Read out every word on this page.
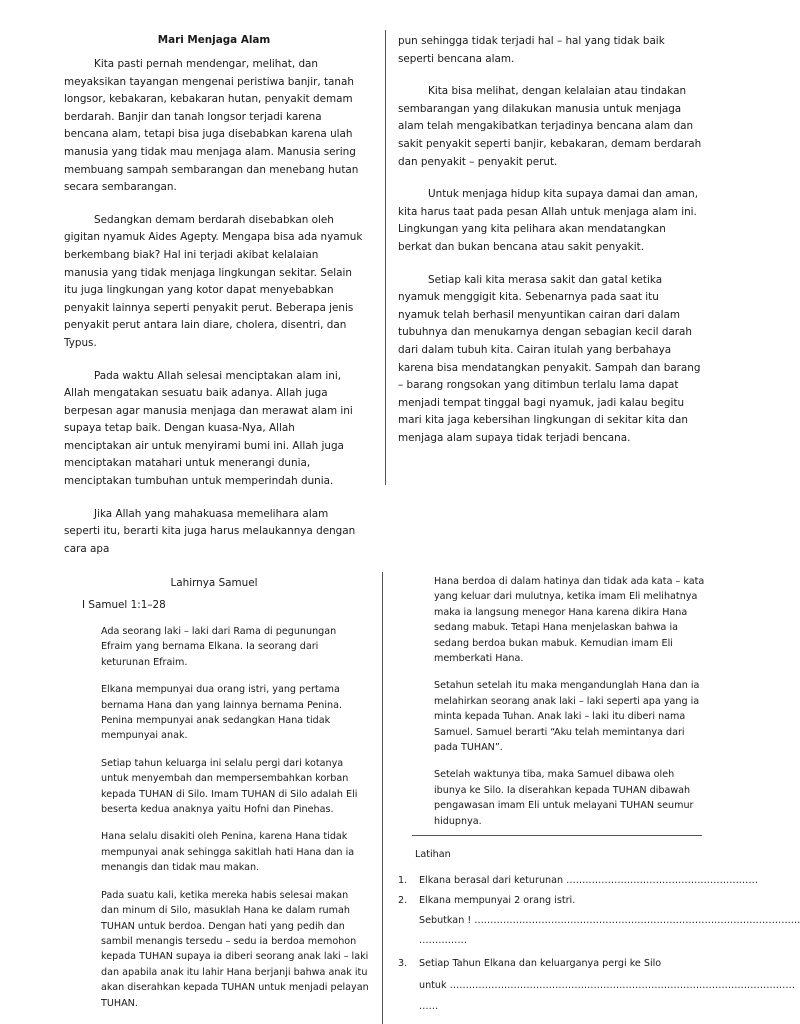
Mari Menjaga Alam

Kita pasti pernah mendengar, melihat, dan meyaksikan tayangan mengenai peristiwa banjir, tanah longsor, kebakaran, kebakaran hutan, penyakit demam berdarah. Banjir dan tanah longsor terjadi karena bencana alam, tetapi bisa juga disebabkan karena ulah manusia yang tidak mau menjaga alam. Manusia sering membuang sampah sembarangan dan menebang hutan secara sembarangan.

Sedangkan demam berdarah disebabkan oleh gigitan nyamuk Aides Agepty. Mengapa bisa ada nyamuk berkembang biak? Hal ini terjadi akibat kelalaian manusia yang tidak menjaga lingkungan sekitar. Selain itu juga lingkungan yang kotor dapat menyebabkan penyakit lainnya seperti penyakit perut. Beberapa jenis penyakit perut antara lain diare, cholera, disentri, dan Typus.

Pada waktu Allah selesai menciptakan alam ini, Allah mengatakan sesuatu baik adanya. Allah juga berpesan agar manusia menjaga dan merawat alam ini supaya tetap baik. Dengan kuasa-Nya, Allah menciptakan air untuk menyirami bumi ini. Allah juga menciptakan matahari untuk menerangi dunia, menciptakan tumbuhan untuk memperindah dunia.

Jika Allah yang mahakuasa memelihara alam seperti itu, berarti kita juga harus melaukannya dengan cara apa

pun sehingga tidak terjadi hal – hal yang tidak baik seperti bencana alam.

Kita bisa melihat, dengan kelalaian atau tindakan sembarangan yang dilakukan manusia untuk menjaga alam telah mengakibatkan terjadinya bencana alam dan sakit penyakit seperti banjir, kebakaran, demam berdarah dan penyakit – penyakit perut.

Untuk menjaga hidup kita supaya damai dan aman, kita harus taat pada pesan Allah untuk menjaga alam ini. Lingkungan yang kita pelihara akan mendatangkan berkat dan bukan bencana atau sakit penyakit.

Setiap kali kita merasa sakit dan gatal ketika nyamuk menggigit kita. Sebenarnya pada saat itu nyamuk telah berhasil menyuntikan cairan dari dalam tubuhnya dan menukarnya dengan sebagian kecil darah dari dalam tubuh kita. Cairan itulah yang berbahaya karena bisa mendatangkan penyakit. Sampah dan barang – barang rongsokan yang ditimbun terlalu lama dapat menjadi tempat tinggal bagi nyamuk, jadi kalau begitu mari kita jaga kebersihan lingkungan di sekitar kita dan menjaga alam supaya tidak terjadi bencana.

Lahirnya Samuel
I Samuel 1:1–28

Ada seorang laki – laki dari Rama di pegunungan Efraim yang bernama Elkana. Ia seorang dari keturunan Efraim.

Elkana mempunyai dua orang istri, yang pertama bernama Hana dan yang lainnya bernama Penina. Penina mempunyai anak sedangkan Hana tidak mempunyai anak.

Setiap tahun keluarga ini selalu pergi dari kotanya untuk menyembah dan mempersembahkan korban kepada TUHAN di Silo. Imam TUHAN di Silo adalah Eli beserta kedua anaknya yaitu Hofni dan Pinehas.

Hana selalu disakiti oleh Penina, karena Hana tidak mempunyai anak sehingga sakitlah hati Hana dan ia menangis dan tidak mau makan.

Pada suatu kali, ketika mereka habis selesai makan dan minum di Silo, masuklah Hana ke dalam rumah TUHAN untuk berdoa. Dengan hati yang pedih dan sambil menangis tersedu – sedu ia berdoa memohon kepada TUHAN supaya ia diberi seorang anak laki – laki dan apabila anak itu lahir Hana berjanji bahwa anak itu akan diserahkan kepada TUHAN untuk menjadi pelayan TUHAN.

Hana berdoa di dalam hatinya dan tidak ada kata – kata yang keluar dari mulutnya, ketika imam Eli melihatnya maka ia langsung menegor Hana karena dikira Hana sedang mabuk. Tetapi Hana menjelaskan bahwa ia sedang berdoa bukan mabuk. Kemudian imam Eli memberkati Hana.

Setahun setelah itu maka mengandunglah Hana dan ia melahirkan seorang anak laki – laki seperti apa yang ia minta kepada Tuhan. Anak laki – laki itu diberi nama Samuel. Samuel berarti “Aku telah memintanya dari pada TUHAN”.

Setelah waktunya tiba, maka Samuel dibawa oleh ibunya ke Silo. Ia diserahkan kepada TUHAN dibawah pengawasan imam Eli untuk melayani TUHAN seumur hidupnya.

Latihan
1. Elkana berasal dari keturunan ……………………………………………………
2. Elkana mempunyai 2 orang istri.
Sebutkan ! …………………………………………………………………………………………
……………
3. Setiap Tahun Elkana dan keluarganya pergi ke Silo
untuk ………………………………………………………………………………………………
……
